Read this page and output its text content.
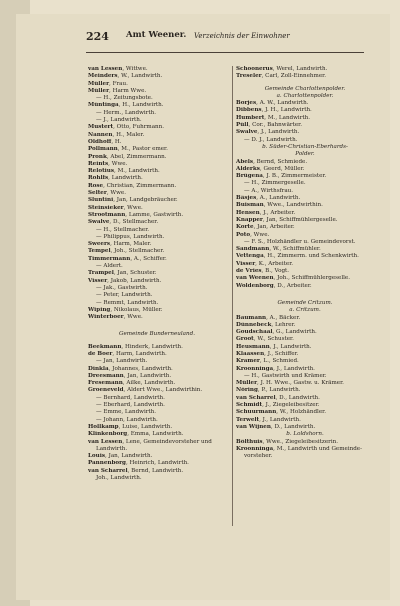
224 Amt Weener. Verzeichnis der Einwohner
van Lessen, Wittwe.
Meinders, W., Landwirth.
Müller, Frau.
Müller, Harm Wwe.
— H., Zeitungsbote.
Müntinga, H., Landwirth.
— Herm., Landwirth.
— J., Landwirth.
Mustert, Otto, Fuhrmann.
Nannen, H., Maler.
Oldhoff, H.
Pollmann, M., Pastor emer.
Pronk, Abel, Zimmermann.
Reints, Wwe.
Relotius, M., Landwirth.
Rohlfs, Landwirth.
Rose, Christian, Zimmermann.
Selter, Wwe.
Sluntini, Jan, Landgebräucher.
Steinsieker, Wwe.
Strootmann, Lamme, Gastwirth.
Swalve, D., Stellmacher.
— H., Stellmacher.
— Philippus, Landwirth.
Sweers, Harm, Maler.
Tempel, Joh., Stellmacher.
Timmermann, A., Schiffer.
— Aldert.
Trampel, Jan, Schuster.
Visser, Jakob, Landwirth.
— Jak., Gastwirth.
— Peter, Landwirth.
— Remmt, Landwirth.
Wiping, Nikolaus, Müller.
Winterboer, Wwe.
Gemeinde Bunderneuland.
Beekmann, Hinderk, Landwirth.
de Boer, Harm, Landwirth.
— Jan, Landwirth.
Dinkla, Johannes, Landwirth.
Dreesmann, Jan, Landwirth.
Fresemann, Ailke, Landwirth.
Groeneveld, Aldert Wwe., Landwirthin.
— Bernhard, Landwirth.
— Eberhard, Landwirth.
— Emme, Landwirth.
— Johann, Landwirth.
Hollkamp, Luise, Landwirth.
Klinkenborg, Emma, Landwirth.
van Lessen, Lene, Gemeindevorsteher und
Landwirth.
Louis, Jan, Landwirth.
Pannenborg, Heinrich, Landwirth.
van Scharrel, Bernd, Landwirth.
Joh., Landwirth.
Schoonerus, Werel, Landwirth.
Treseler, Carl, Zoll-Einnehmer.
Gemeinde Charlottenpolder.
a. Charlottenpolder.
Borjes, A. W., Landwirth.
Dibbens, J. H., Landwirth.
Humbert, M., Landwirth.
Püll, Cor., Bahnwärter.
Swalve, J., Landwirth.
— D. J., Landwirth.
b. Süder-Christian-Eberhards-
Polder.
Abels, Bernd, Schmiede.
Alderks, Geerd, Müller.
Brügena, J. B., Zimmermeister.
— H., Zimmergeselle.
— A., Wirthsfrau.
Bäsjes, A., Landwirth.
Buisman, Wwe., Landwirthin.
Hensen, J., Arbeiter.
Knapper, Jan, Schiffmühlergeselle.
Korte, Jan, Arbeiter.
Poto, Wwe.
— F. S., Holzhändler u. Gemeindevorst.
Sandmann, W., Schiffmühler.
Vettenga, H., Zimmerm. und Schenkwirth.
Visser, K., Arbeiter.
de Vries, B., Vogt.
van Weenen, Joh., Schiffmühlergeselle.
Woldenborg, D., Arbeiter.
Gemeinde Critzum.
a. Critzum.
Baumann, A., Bäcker.
Dünnebeck, Lehrer.
Goudschaal, G., Landwirth.
Groot, W., Schuster.
Heusmann, J., Landwirth.
Klaassen, J., Schiffer.
Kramer, L., Schmied.
Kroonninga, J., Landwirth.
— H., Gastwirth und Krämer.
Müller, J. H. Wwe., Gastw. u. Krämer.
Nöring, P., Landwirth.
van Scharrel, D., Landwirth.
Schmidt, J., Ziegeleibesitzer.
Schuurmann, W., Holzhändler.
Terwelt, J., Landwirth.
van Wijnen, D., Landwirth.
b. Loldshorn.
Bölthuis, Wwe., Ziegeleibesitzerin.
Kroonninga, M., Landwirth und Gemeinde-
vorsteher.
